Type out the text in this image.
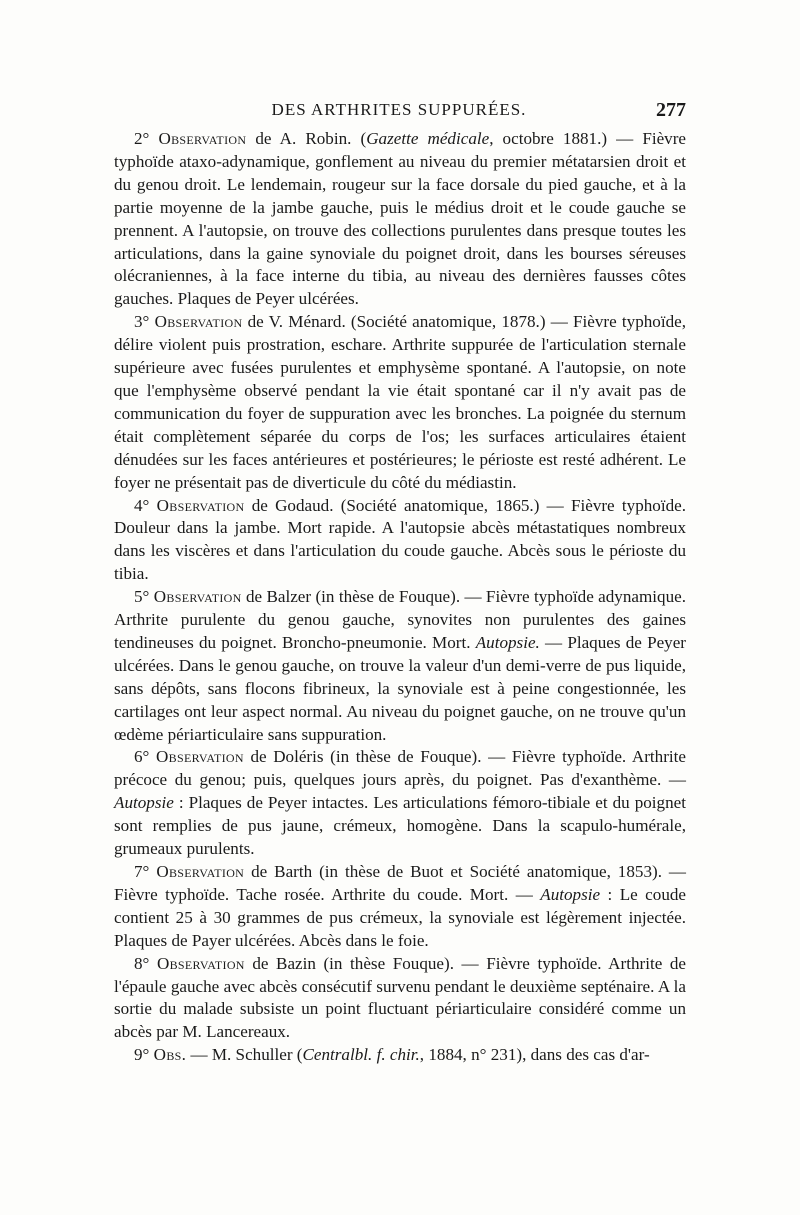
DES ARTHRITES SUPPURÉES.	277

2° Observation de A. Robin. (Gazette médicale, octobre 1881.) — Fièvre typhoïde ataxo-adynamique, gonflement au niveau du premier métatarsien droit et du genou droit. Le lendemain, rougeur sur la face dorsale du pied gauche, et à la partie moyenne de la jambe gauche, puis le médius droit et le coude gauche se prennent. A l'autopsie, on trouve des collections purulentes dans presque toutes les articulations, dans la gaine synoviale du poignet droit, dans les bourses séreuses olécraniennes, à la face interne du tibia, au niveau des dernières fausses côtes gauches. Plaques de Peyer ulcérées.

3° Observation de V. Ménard. (Société anatomique, 1878.) — Fièvre typhoïde, délire violent puis prostration, eschare. Arthrite suppurée de l'articulation sternale supérieure avec fusées purulentes et emphysème spontané. A l'autopsie, on note que l'emphysème observé pendant la vie était spontané car il n'y avait pas de communication du foyer de suppuration avec les bronches. La poignée du sternum était complètement séparée du corps de l'os; les surfaces articulaires étaient dénudées sur les faces antérieures et postérieures; le périoste est resté adhérent. Le foyer ne présentait pas de diverticule du côté du médiastin.

4° Observation de Godaud. (Société anatomique, 1865.) — Fièvre typhoïde. Douleur dans la jambe. Mort rapide. A l'autopsie abcès métastatiques nombreux dans les viscères et dans l'articulation du coude gauche. Abcès sous le périoste du tibia.

5° Observation de Balzer (in thèse de Fouque). — Fièvre typhoïde adynamique. Arthrite purulente du genou gauche, synovites non purulentes des gaines tendineuses du poignet. Broncho-pneumonie. Mort. Autopsie. — Plaques de Peyer ulcérées. Dans le genou gauche, on trouve la valeur d'un demi-verre de pus liquide, sans dépôts, sans flocons fibrineux, la synoviale est à peine congestionnée, les cartilages ont leur aspect normal. Au niveau du poignet gauche, on ne trouve qu'un œdème périarticulaire sans suppuration.

6° Observation de Doléris (in thèse de Fouque). — Fièvre typhoïde. Arthrite précoce du genou; puis, quelques jours après, du poignet. Pas d'exanthème. — Autopsie : Plaques de Peyer intactes. Les articulations fémoro-tibiale et du poignet sont remplies de pus jaune, crémeux, homogène. Dans la scapulo-humérale, grumeaux purulents.

7° Observation de Barth (in thèse de Buot et Société anatomique, 1853). — Fièvre typhoïde. Tache rosée. Arthrite du coude. Mort. — Autopsie : Le coude contient 25 à 30 grammes de pus crémeux, la synoviale est légèrement injectée. Plaques de Payer ulcérées. Abcès dans le foie.

8° Observation de Bazin (in thèse Fouque). — Fièvre typhoïde. Arthrite de l'épaule gauche avec abcès consécutif survenu pendant le deuxième septénaire. A la sortie du malade subsiste un point fluctuant périarticulaire considéré comme un abcès par M. Lancereaux.

9° Obs. — M. Schuller (Centralbl. f. chir., 1884, n° 231), dans des cas d'ar-
